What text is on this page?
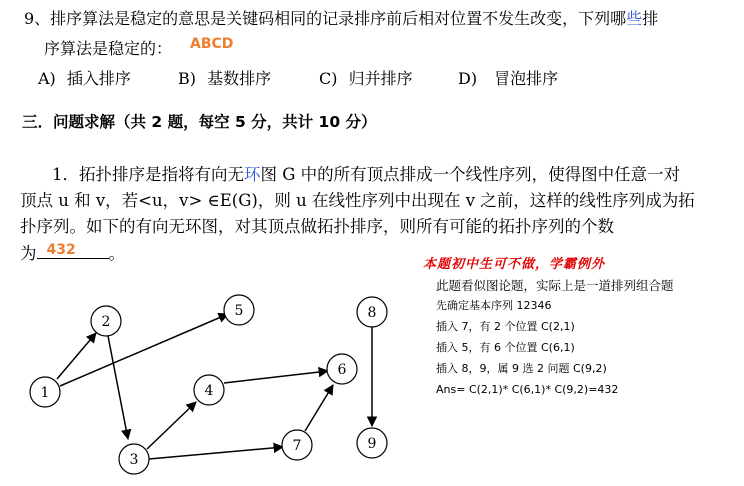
9、排序算法是稳定的意思是关键码相同的记录排序前后相对位置不发生改变，下列哪些排
序算法是稳定的： ABCD
A) 插入排序	B) 基数排序	C) 归并排序	D) 冒泡排序
三．问题求解（共 2 题，每空 5 分，共计 10 分）
1．拓扑排序是指将有向无环图 G 中的所有顶点排成一个线性序列，使得图中任意一对
顶点 u 和 v，若<u，v> ∈E(G)，则 u 在线性序列中出现在 v 之前，这样的线性序列成为拓
扑序列。如下的有向无环图，对其顶点做拓扑排序，则所有可能的拓扑序列的个数
为 432 。
本题初中生可不做，学霸例外
此题看似图论题，实际上是一道排列组合题
先确定基本序列 12346
插入 7，有 2 个位置 C(2,1)
插入 5，有 6 个位置 C(6,1)
插入 8，9，属 9 选 2 问题 C(9,2)
Ans= C(2,1)* C(6,1)* C(9,2)=432
1
2
3
4
5
6
7
8
9
